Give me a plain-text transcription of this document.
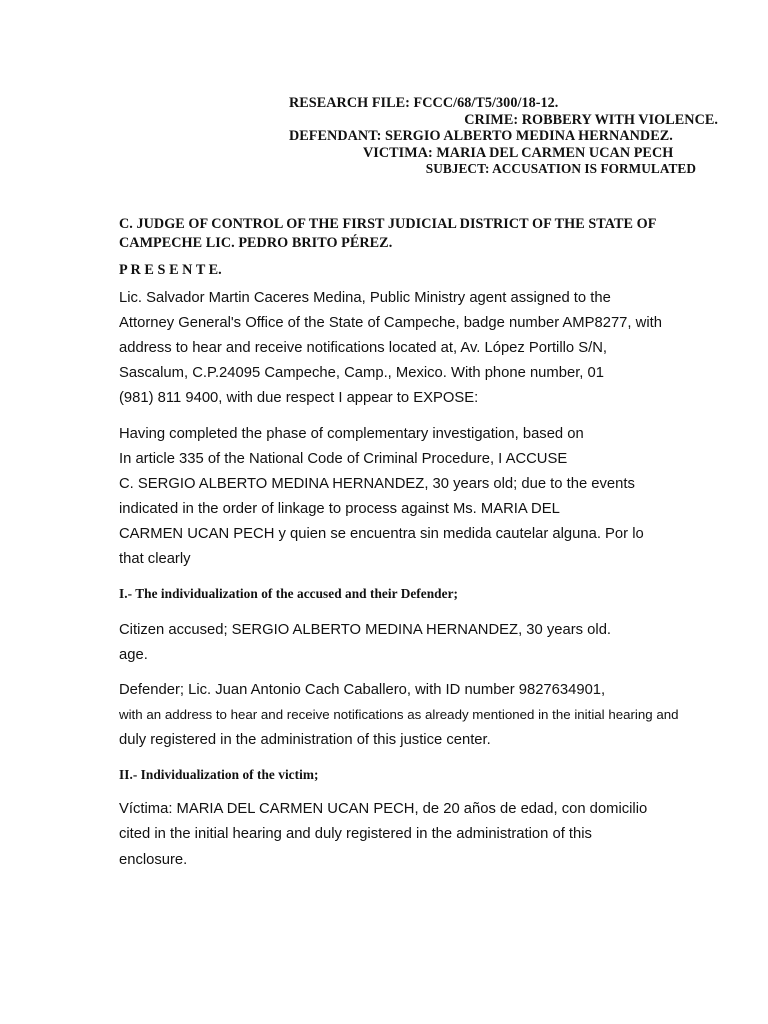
RESEARCH FILE: FCCC/68/T5/300/18-12.
CRIME: ROBBERY WITH VIOLENCE.
DEFENDANT: SERGIO ALBERTO MEDINA HERNANDEZ.
VICTIMA: MARIA DEL CARMEN UCAN PECH
SUBJECT: ACCUSATION IS FORMULATED
C. JUDGE OF CONTROL OF THE FIRST JUDICIAL DISTRICT OF THE STATE OF
CAMPECHE LIC. PEDRO BRITO PÉREZ.
P R E S E N T E.
Lic. Salvador Martin Caceres Medina, Public Ministry agent assigned to the
Attorney General's Office of the State of Campeche, badge number AMP8277, with
address to hear and receive notifications located at, Av. López Portillo S/N,
Sascalum, C.P.24095 Campeche, Camp., Mexico. With phone number, 01
(981) 811 9400, with due respect I appear to EXPOSE:
Having completed the phase of complementary investigation, based on
In article 335 of the National Code of Criminal Procedure, I ACCUSE
C. SERGIO ALBERTO MEDINA HERNANDEZ, 30 years old; due to the events
indicated in the order of linkage to process against Ms. MARIA DEL
CARMEN UCAN PECH y quien se encuentra sin medida cautelar alguna. Por lo
that clearly
I.- The individualization of the accused and their Defender;
Citizen accused; SERGIO ALBERTO MEDINA HERNANDEZ, 30 years old.
age.
Defender; Lic. Juan Antonio Cach Caballero, with ID number 9827634901,
with an address to hear and receive notifications as already mentioned in the initial hearing and
duly registered in the administration of this justice center.
II.- Individualization of the victim;
Víctima: MARIA DEL CARMEN UCAN PECH, de 20 años de edad, con domicilio
cited in the initial hearing and duly registered in the administration of this
enclosure.
